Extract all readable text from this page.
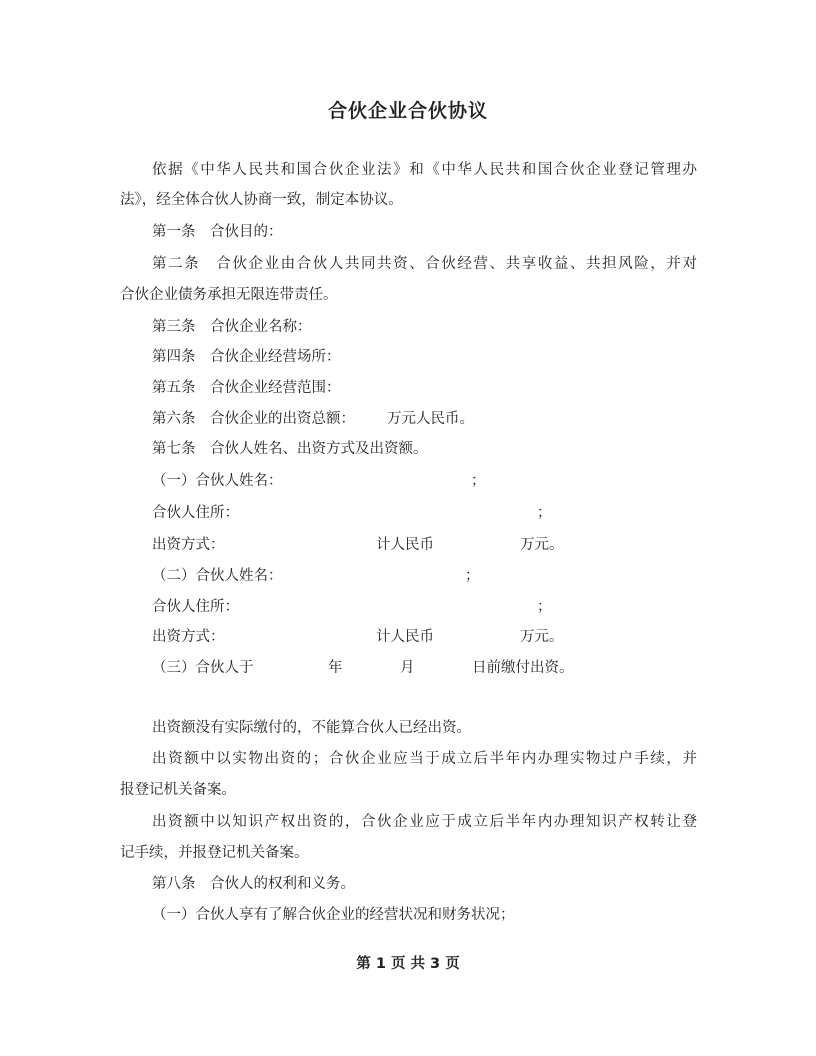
合伙企业合伙协议
依据《中华人民共和国合伙企业法》和《中华人民共和国合伙企业登记管理办
法》，经全体合伙人协商一致，制定本协议。
第一条　合伙目的：
第二条　合伙企业由合伙人共同共资、合伙经营、共享收益、共担风险，并对
合伙企业债务承担无限连带责任。
第三条　合伙企业名称：
第四条　合伙企业经营场所：
第五条　合伙企业经营范围：
第六条　合伙企业的出资总额： 万元人民币。
第七条　合伙人姓名、出资方式及出资额。
（一）合伙人姓名：	；
合伙人住所：	；
出资方式：	计人民币	万元。
（二）合伙人姓名：	；
合伙人住所：	；
出资方式：	计人民币	万元。
（三）合伙人于	年	月	日前缴付出资。
出资额没有实际缴付的，不能算合伙人已经出资。
出资额中以实物出资的；合伙企业应当于成立后半年内办理实物过户手续，并
报登记机关备案。
出资额中以知识产权出资的，合伙企业应于成立后半年内办理知识产权转让登
记手续，并报登记机关备案。
第八条　合伙人的权利和义务。
（一）合伙人享有了解合伙企业的经营状况和财务状况；
第 1 页 共 3 页
